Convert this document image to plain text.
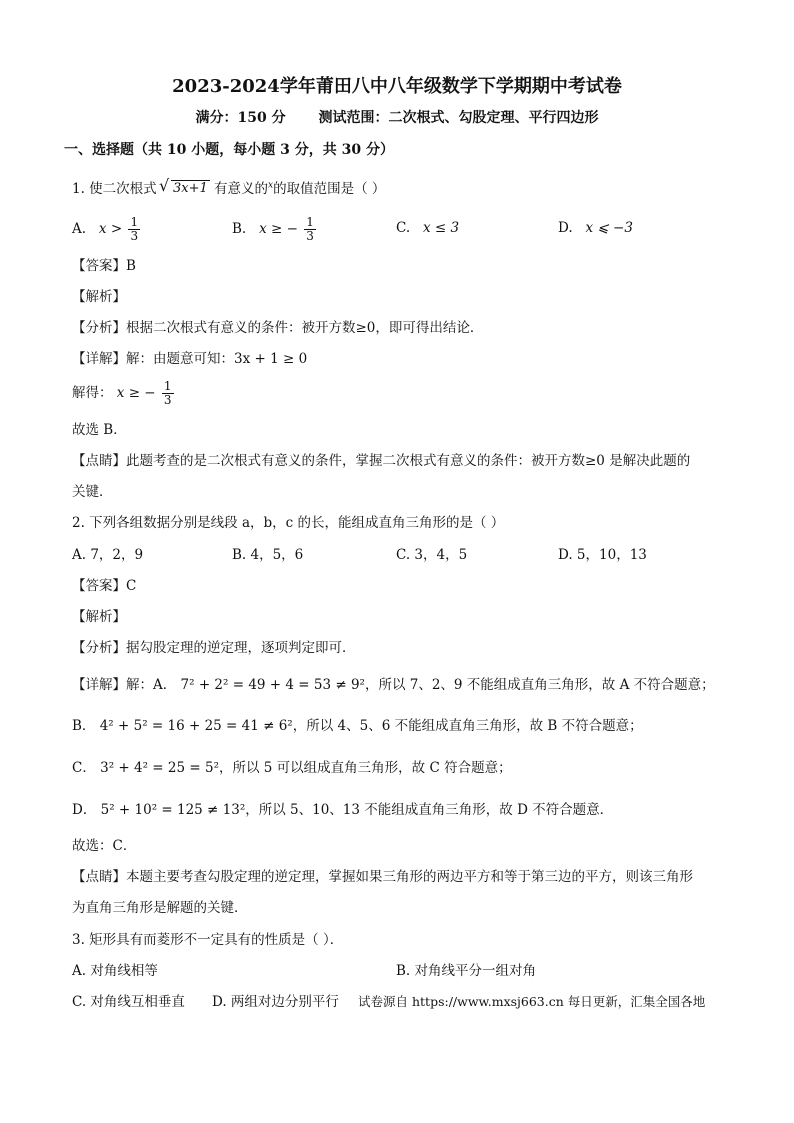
2023-2024学年莆田八中八年级数学下学期期中考试卷
满分：150 分 测试范围：二次根式、勾股定理、平行四边形
一、选择题（共 10 小题，每小题 3 分，共 30 分）
1. 使二次根式 √ 3x+1 有意义的$^x$的取值范围是（ ）
A. $x > \frac{1}{3}$	B. x ≥ − $\frac{1}{3}$	C. x ≤ 3	D. x ⩽ −3
【答案】B
【解析】
【分析】根据二次根式有意义的条件：被开方数≥0，即可得出结论．
【详解】解：由题意可知：3x + 1 ≥ 0
解得： x ≥ − $\frac{1}{3}$
故选 B．
【点睛】此题考查的是二次根式有意义的条件，掌握二次根式有意义的条件：被开方数≥0 是解决此题的
关键．
2. 下列各组数据分别是线段 a，b，c 的长，能组成直角三角形的是（ ）
A. 7，2，9	B. 4，5，6	C. 3，4，5	D. 5，10，13
【答案】C
【解析】
【分析】据勾股定理的逆定理，逐项判定即可．
【详解】解：A． 7² + 2² = 49 + 4 = 53 ≠ 9²，所以 7、2、9 不能组成直角三角形，故 A 不符合题意；
B． 4² + 5² = 16 + 25 = 41 ≠ 6²，所以 4、5、6 不能组成直角三角形，故 B 不符合题意；
C． 3² + 4² = 25 = 5²，所以 5 可以组成直角三角形，故 C 符合题意；
D． 5² + 10² = 125 ≠ 13²，所以 5、10、13 不能组成直角三角形，故 D 不符合题意．
故选：C．
【点睛】本题主要考查勾股定理的逆定理，掌握如果三角形的两边平方和等于第三边的平方，则该三角形
为直角三角形是解题的关键．
3. 矩形具有而菱形不一定具有的性质是（ ）．
A. 对角线相等	B. 对角线平分一组对角
C. 对角线互相垂直 D. 两组对边分别平行 试卷源自 https://www.mxsj663.cn 每日更新，汇集全国各地
